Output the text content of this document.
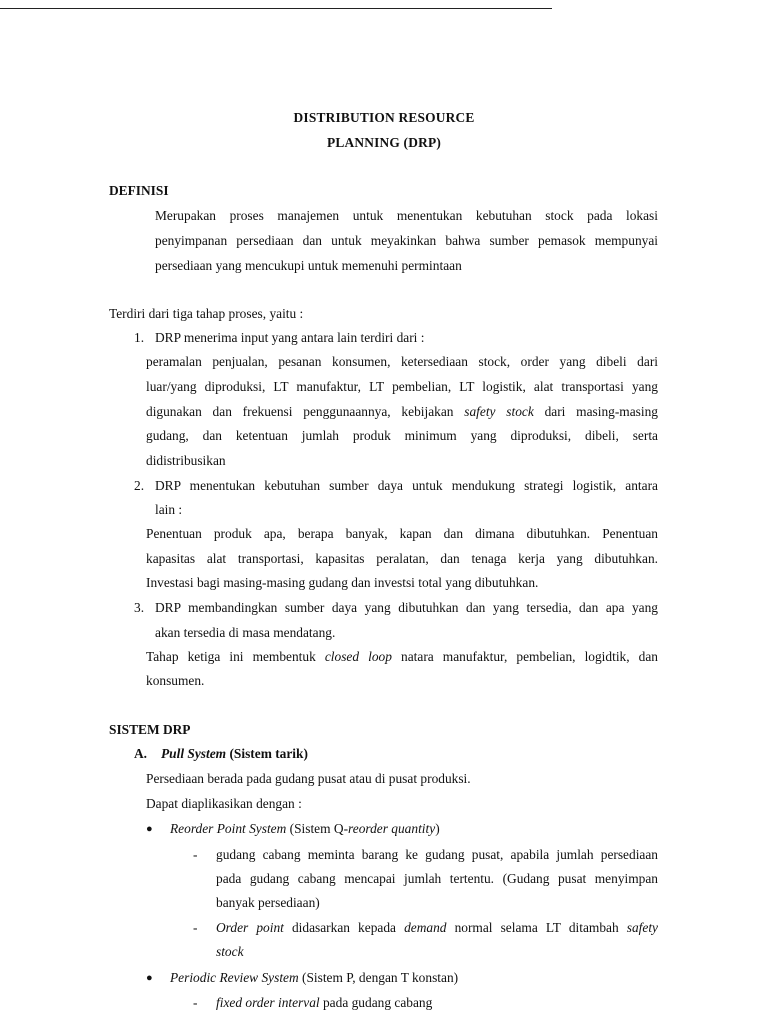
DISTRIBUTION RESOURCE
PLANNING (DRP)
DEFINISI
Merupakan proses manajemen untuk menentukan kebutuhan stock pada lokasi
penyimpanan persediaan dan untuk meyakinkan bahwa sumber pemasok mempunyai
persediaan yang mencukupi untuk memenuhi permintaan
Terdiri dari tiga tahap proses, yaitu :
1. DRP menerima input yang antara lain terdiri dari :
peramalan penjualan, pesanan konsumen, ketersediaan stock, order yang dibeli dari
luar/yang diproduksi, LT manufaktur, LT pembelian, LT logistik, alat transportasi yang
digunakan dan frekuensi penggunaannya, kebijakan safety stock dari masing-masing
gudang, dan ketentuan jumlah produk minimum yang diproduksi, dibeli, serta
didistribusikan
2. DRP menentukan kebutuhan sumber daya untuk mendukung strategi logistik, antara
lain :
Penentuan produk apa, berapa banyak, kapan dan dimana dibutuhkan. Penentuan
kapasitas alat transportasi, kapasitas peralatan, dan tenaga kerja yang dibutuhkan.
Investasi bagi masing-masing gudang dan investsi total yang dibutuhkan.
3. DRP membandingkan sumber daya yang dibutuhkan dan yang tersedia, dan apa yang
akan tersedia di masa mendatang.
Tahap ketiga ini membentuk closed loop natara manufaktur, pembelian, logidtik, dan
konsumen.
SISTEM DRP
A. Pull System (Sistem tarik)
Persediaan berada pada gudang pusat atau di pusat produksi.
Dapat diaplikasikan dengan :
● Reorder Point System (Sistem Q-reorder quantity)
- gudang cabang meminta barang ke gudang pusat, apabila jumlah persediaan
pada gudang cabang mencapai jumlah tertentu. (Gudang pusat menyimpan
banyak persediaan)
- Order point didasarkan kepada demand normal selama LT ditambah safety
stock
● Periodic Review System (Sistem P, dengan T konstan)
- fixed order interval pada gudang cabang
